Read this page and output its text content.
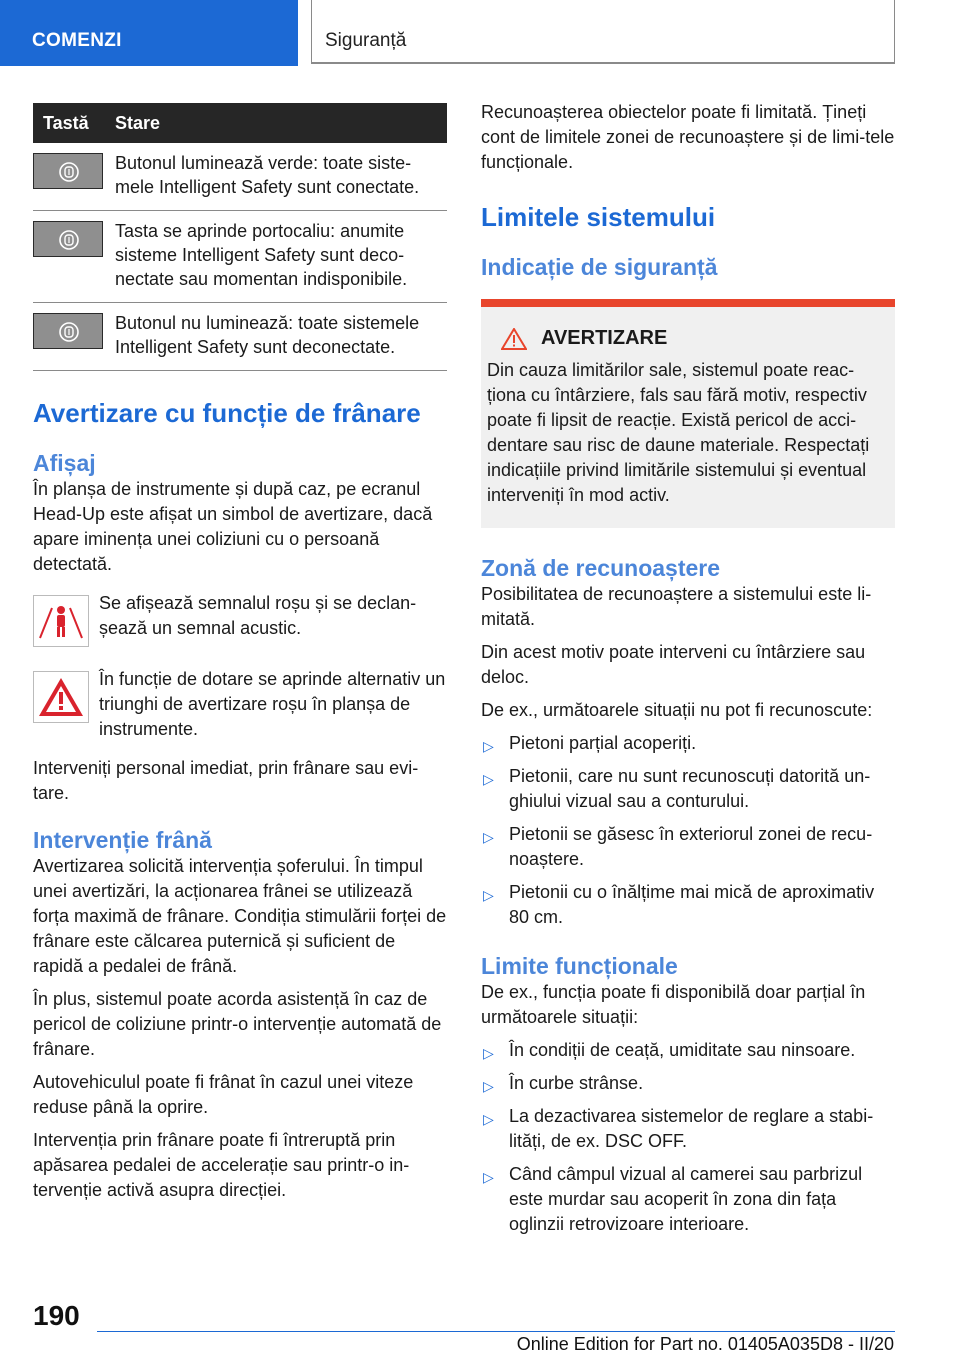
COMENZI	Siguranță
Tastă	Stare

	Butonul luminează verde: toate siste-mele Intelligent Safety sunt conectate.

	Tasta se aprinde portocaliu: anumite sisteme Intelligent Safety sunt deco-nectate sau momentan indisponibile.

	Butonul nu luminează: toate sistemele Intelligent Safety sunt deconectate.
Avertizare cu funcție de frânare
Afișaj

În planșa de instrumente și după caz, pe ecranul Head-Up este afișat un simbol de avertizare, dacă apare iminența unei coliziuni cu o persoană detectată.

Se afișează semnalul roșu și se declan-șează un semnal acustic.

În funcție de dotare se aprinde alternativ un triunghi de avertizare roșu în planșa de instrumente.

Interveniți personal imediat, prin frânare sau evi-tare.

Intervenție frână

Avertizarea solicită intervenția șoferului. În timpul unei avertizări, la acționarea frânei se utilizează forța maximă de frânare. Condiția stimulării forței de frânare este călcarea puternică și suficient de rapidă a pedalei de frână.

În plus, sistemul poate acorda asistență în caz de pericol de coliziune printr-o intervenție automată de frânare.

Autovehiculul poate fi frânat în cazul unei viteze reduse până la oprire.

Intervenția prin frânare poate fi întreruptă prin apăsarea pedalei de accelerație sau printr-o in-tervenție activă asupra direcției.

Recunoașterea obiectelor poate fi limitată. Țineți cont de limitele zonei de recunoaștere și de limi-tele funcționale.

Limitele sistemului
Indicație de siguranță
AVERTIZARE

Din cauza limitărilor sale, sistemul poate reac-ționa cu întârziere, fals sau fără motiv, respectiv poate fi lipsit de reacție. Există pericol de acci-dentare sau risc de daune materiale. Respectați indicațiile privind limitările sistemului și eventual interveniți în mod activ.

Zonă de recunoaștere

Posibilitatea de recunoaștere a sistemului este li-mitată.

Din acest motiv poate interveni cu întârziere sau deloc.

De ex., următoarele situații nu pot fi recunoscute:

▷ Pietoni parțial acoperiți.
▷ Pietonii, care nu sunt recunoscuți datorită un-ghiului vizual sau a conturului.
▷ Pietonii se găsesc în exteriorul zonei de recu-noaștere.
▷ Pietonii cu o înălțime mai mică de aproximativ 80 cm.
Limite funcționale

De ex., funcția poate fi disponibilă doar parțial în următoarele situații:

▷ În condiții de ceață, umiditate sau ninsoare.
▷ În curbe strânse.
▷ La dezactivarea sistemelor de reglare a stabi-lități, de ex. DSC OFF.
▷ Când câmpul vizual al camerei sau parbrizul este murdar sau acoperit în zona din fața oglinzii retrovizoare interioare.
190
Online Edition for Part no. 01405A035D8 - II/20
